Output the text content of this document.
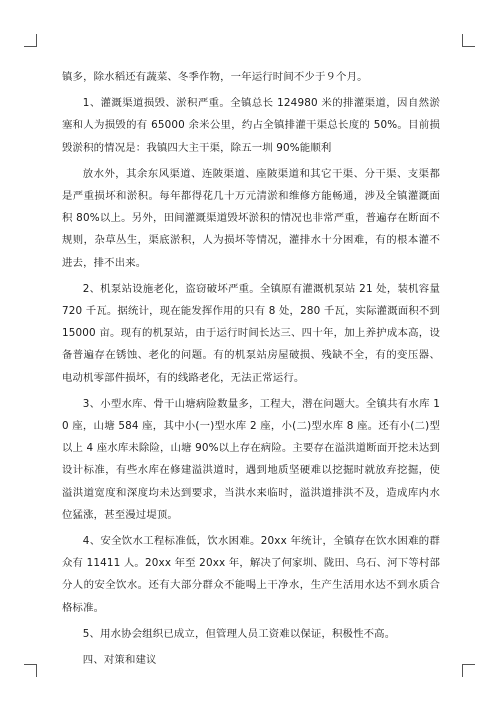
镇多，除水稻还有蔬菜、冬季作物，一年运行时间不少于９个月。

1、灌溉渠道损毁、淤积严重。全镇总长 124980 米的排灌渠道，因自然淤塞和人为损毁的有 65000 余米公里，约占全镇排灌干渠总长度的 50%。目前损毁淤积的情况是：我镇四大主干渠，除五一圳 90%能顺利

放水外，其余东风渠道、连陂渠道、座陂渠道和其它干渠、分干渠、支渠都是严重损坏和淤积。每年都得花几十万元清淤和维修方能畅通，涉及全镇灌溉面积 80%以上。另外，田间灌溉渠道毁坏淤积的情况也非常严重，普遍存在断面不规则，杂草丛生，渠底淤积，人为损坏等情况，灌排水十分困难，有的根本灌不进去，排不出来。

2、机泵站设施老化，盗窃破坏严重。全镇原有灌溉机泵站 21 处，装机容量 720 千瓦。据统计，现在能发挥作用的只有 8 处，280 千瓦，实际灌溉面积不到 15000 亩。现有的机泵站，由于运行时间长达三、四十年，加上养护成本高，设备普遍存在锈蚀、老化的问题。有的机泵站房屋破损、残缺不全，有的变压器、电动机零部件损坏，有的线路老化，无法正常运行。

3、小型水库、骨干山塘病险数量多，工程大，潜在问题大。全镇共有水库 10 座，山塘 584 座，其中小(一)型水库 2 座，小(二)型水库 8 座。还有小(二)型以上 4 座水库未除险，山塘 90%以上存在病险。主要存在溢洪道断面开挖未达到设计标准，有些水库在修建溢洪道时，遇到地质坚硬难以挖掘时就放弃挖掘，使溢洪道宽度和深度均未达到要求，当洪水来临时，溢洪道排洪不及，造成库内水位猛涨，甚至漫过堤顶。

4、安全饮水工程标准低，饮水困难。20xx 年统计，全镇存在饮水困难的群众有 11411 人。20xx 年至 20xx 年，解决了何家圳、陇田、乌石、河下等村部分人的安全饮水。还有大部分群众不能喝上干净水，生产生活用水达不到水质合格标准。

5、用水协会组织已成立，但管理人员工资难以保证，积极性不高。

四、对策和建议
